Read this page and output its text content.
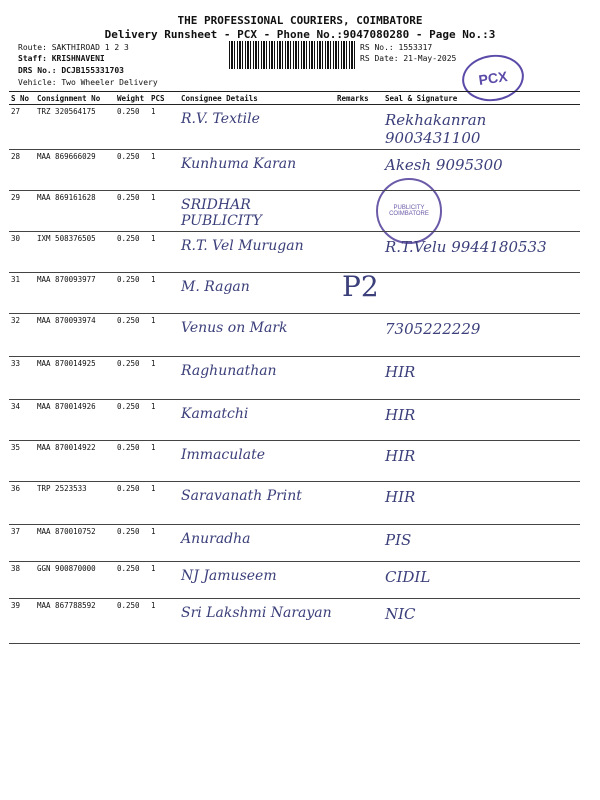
THE PROFESSIONAL COURIERS, COIMBATORE
Delivery Runsheet - PCX - Phone No.:9047080280 - Page No.:3
Route: SAKTHIROAD 1 2 3
Staff: KRISHNAVENI
DRS No.: DCJB155331703
Vehicle: Two Wheeler Delivery
RS No.: 1553317
RS Date: 21-May-2025
PCX
PUBLICITY COIMBATORE
P2
S No	Consignment No	Weight	PCS	Consignee Details	Remarks	Seal & Signature
27	TRZ 320564175	0.250	1	R.V. Textile		Rekhakanran 9003431100
28	MAA 869666029	0.250	1	Kunhuma Karan		Akesh 9095300
29	MAA 869161628	0.250	1	SRIDHAR PUBLICITY		
30	IXM 508376505	0.250	1	R.T. Vel Murugan		R.T.Velu 9944180533
31	MAA 870093977	0.250	1	M. Ragan		
32	MAA 870093974	0.250	1	Venus on Mark		7305222229
33	MAA 870014925	0.250	1	Raghunathan		HIR
34	MAA 870014926	0.250	1	Kamatchi		HIR
35	MAA 870014922	0.250	1	Immaculate		HIR
36	TRP 2523533	0.250	1	Saravanath Print		HIR
37	MAA 870010752	0.250	1	Anuradha		PIS
38	GGN 900870000	0.250	1	NJ Jamuseem		CIDIL
39	MAA 867788592	0.250	1	Sri Lakshmi Narayan		NIC
